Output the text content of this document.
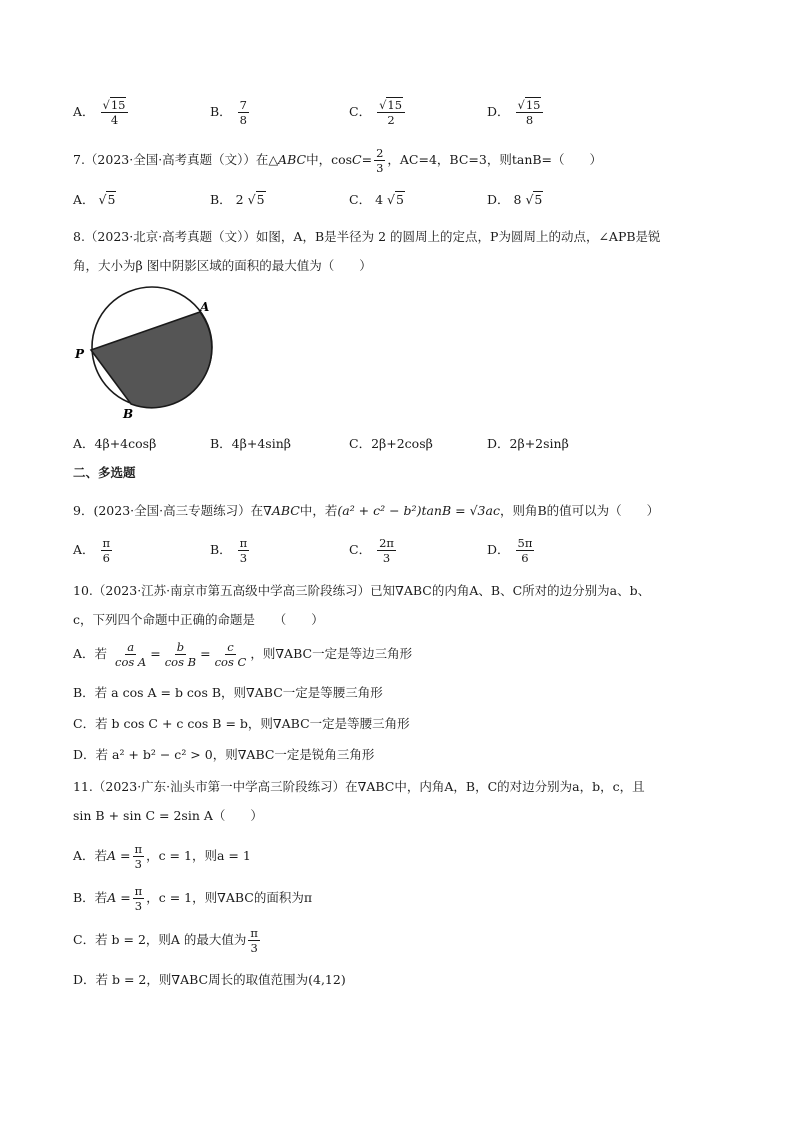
A． $\frac{√15}{4}$	B． $\frac{7}{8}$	C． $\frac{√15}{2}$	D． $\frac{√15}{8}$
7.（2023·全国·高考真题（文））在△ABC中，$\cos C= \frac{2}{3}$ ，AC=4，BC=3，则tanB=（　　）
A． √5	B． 2 √5	C． 4 √5	D． 8 √5
8.（2023·北京·高考真题（文））如图，A，B是半径为 2 的圆周上的定点，P为圆周上的动点，∠APB是锐
角，大小为β 图中阴影区域的面积的最大值为（　　）
A
P
B
A．4β+4cosβ	B．4β+4sinβ	C．2β+2cosβ	D．2β+2sinβ
二、多选题
9．(2023·全国·高三专题练习）在∇ABC中，若(a² + c² − b²)tanB = √3ac，则角B的值可以为（　　）
A． $\frac{\pi}{6}$	B． $\frac{\pi}{3}$	C． $\frac{2\pi}{3}$	D． $\frac{5\pi}{6}$
10.（2023·江苏·南京市第五高级中学高三阶段练习）已知∇ABC的内角A、B、C所对的边分别为a、b、
c，下列四个命题中正确的命题是　　（　　）
A．若 $\frac{a}{\text{cos A}} = \frac{b}{\text{cos B}} = \frac{c}{\text{cos C}}$ ，则∇ABC一定是等边三角形
B．若 a cos A = b cos B，则∇ABC一定是等腰三角形
C．若 b cos C + c cos B = b，则∇ABC一定是等腰三角形
D．若 a² + b² − c² > 0，则∇ABC一定是锐角三角形
11.（2023·广东·汕头市第一中学高三阶段练习）在∇ABC中，内角A，B，C的对边分别为a，b，c，且
sin B + sin C = 2sin A（　　）
A．若$A = \frac{\pi}{3}$ ，c = 1，则a = 1
B．若$A = \frac{\pi}{3}$ ，c = 1，则∇ABC的面积为π
C．若 b = 2，则A 的最大值为 $\frac{\pi}{3}$
D．若 b = 2，则∇ABC周长的取值范围为(4,12)
